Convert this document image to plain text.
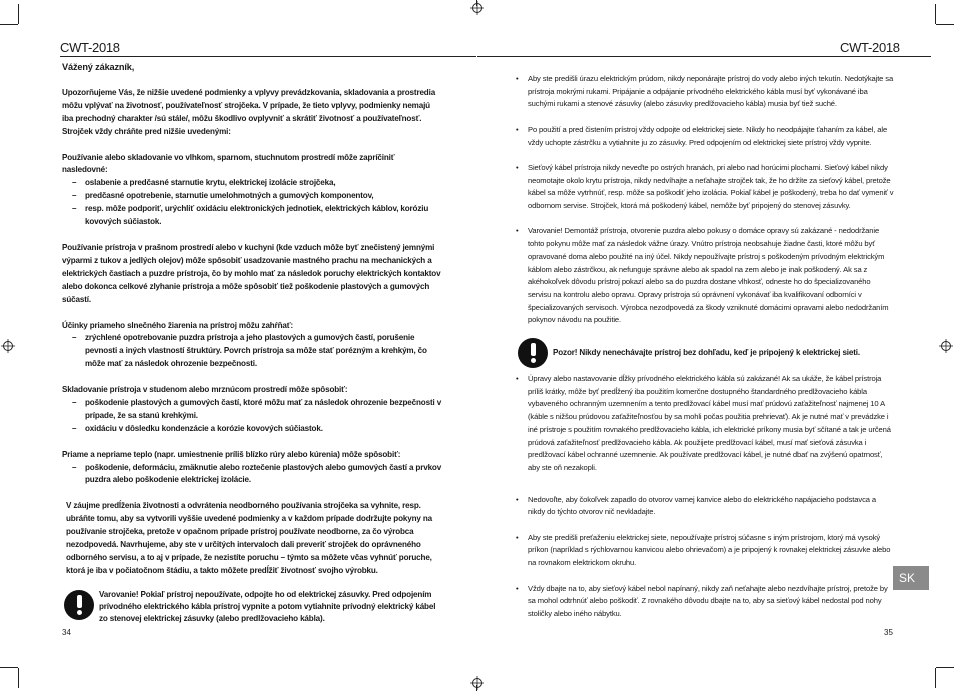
CWT-2018

Vážený zákazník,

Upozorňujeme Vás, že nižšie uvedené podmienky a vplyvy prevádzkovania, skladovania a prostredia môžu vplývať na životnosť, používateľnosť strojčeka. V prípade, že tieto vplyvy, podmienky nemajú iba prechodný charakter /sú stále/, môžu škodlivo ovplyvniť a skrátiť životnosť a používateľnosť. Strojček vždy chráňte pred nižšie uvedenými:

Používanie alebo skladovanie vo vlhkom, sparnom, stuchnutom prostredí môže zapríčiniť nasledovné:
– oslabenie a predčasné starnutie krytu, elektrickej izolácie strojčeka,
– predčasné opotrebenie, starnutie umelohmotných a gumových komponentov,
– resp. môže podporiť, urýchliť oxidáciu elektronických jednotiek, elektrických káblov, koróziu kovových súčiastok.

Používanie prístroja v prašnom prostredí alebo v kuchyni (kde vzduch môže byť znečistený jemnými výparmi z tukov a jedlých olejov) môže spôsobiť usadzovanie mastného prachu na mechanických a elektrických častiach a puzdre prístroja, čo by mohlo mať za následok poruchy elektrických kontaktov alebo dokonca celkové zlyhanie prístroja a môže spôsobiť tiež poškodenie plastových a gumových súčastí.

Účinky priameho slnečného žiarenia na prístroj môžu zahŕňať:
– zrýchlené opotrebovanie puzdra prístroja a jeho plastových a gumových častí, porušenie pevnosti a iných vlastností štruktúry. Povrch prístroja sa môže stať porézným a krehkým, čo môže mať za následok ohrozenie bezpečnosti.
Skladovanie prístroja v studenom alebo mrznúcom prostredí môže spôsobiť:
– poškodenie plastových a gumových častí, ktoré môžu mať za následok ohrozenie bezpečnosti v prípade, že sa stanú krehkými.
– oxidáciu v dôsledku kondenzácie a korózie kovových súčiastok.
Priame a nepriame teplo (napr. umiestnenie príliš blízko rúry alebo kúrenia) môže spôsobiť:
– poškodenie, deformáciu, zmäknutie alebo roztečenie plastových alebo gumových častí a prvkov puzdra alebo poškodenie elektrickej izolácie.

V záujme predĺženia životnosti a odvrátenia neodborného používania strojčeka sa vyhnite, resp. ubráňte tomu, aby sa vytvorili vyššie uvedené podmienky a v každom prípade dodržujte pokyny na používanie strojčeka, pretože v opačnom prípade prístroj používate neodborne, za čo výrobca nezodpovedá. Navrhujeme, aby ste v určitých intervaloch dali preveriť strojček do oprávneného odborného servisu, a to aj v prípade, že nezistíte poruchu – týmto sa môžete včas vyhnúť poruche, ktorá je iba v počiatočnom štádiu, a takto môžete predĺžiť životnosť svojho výrobku.

Varovanie! Pokiaľ prístroj nepoužívate, odpojte ho od elektrickej zásuvky. Pred odpojením prívodného elektrického kábla prístroj vypnite a potom vytiahnite prívodný elektrický kábel zo stenovej elektrickej zásuvky (alebo predlžovacieho kábla).
34
CWT-2018
• Aby ste predišli úrazu elektrickým prúdom, nikdy neponárajte prístroj do vody alebo iných tekutín. Nedotýkajte sa prístroja mokrými rukami. Pripájanie a odpájanie prívodného elektrického kábla musí byť vykonávané iba suchými rukami a stenové zásuvky (alebo zásuvky predlžovacieho kábla) musia byť tiež suché.
• Po použití a pred čistením prístroj vždy odpojte od elektrickej siete. Nikdy ho neodpájajte ťahaním za kábel, ale vždy uchopte zástrčku a vytiahnite ju zo zásuvky. Pred odpojením od elektrickej siete prístroj vždy vypnite.
• Sieťový kábel prístroja nikdy neveďte po ostrých hranách, pri alebo nad horúcimi plochami. Sieťový kábel nikdy neomotajte okolo krytu prístroja, nikdy nedvíhajte a neťahajte strojček tak, že ho držíte za sieťový kábel, pretože kábel sa môže vytrhnúť, resp. môže sa poškodiť jeho izolácia. Pokiaľ kábel je poškodený, treba ho dať vymeniť v odbornom servise. Strojček, ktorá má poškodený kábel, nemôže byť pripojený do stenovej zásuvky.
• Varovanie! Demontáž prístroja, otvorenie puzdra alebo pokusy o domáce opravy sú zakázané - nedodržanie tohto pokynu môže mať za následok vážne úrazy. Vnútro prístroja neobsahuje žiadne časti, ktoré môžu byť opravované doma alebo použité na iný účel. Nikdy nepoužívajte prístroj s poškodeným prívodným elektrickým káblom alebo zástrčkou, ak nefunguje správne alebo ak spadol na zem alebo je inak poškodený. Ak sa z akéhokoľvek dôvodu prístroj pokazí alebo sa do puzdra dostane vlhkosť, odneste ho do špecializovaného servisu na kontrolu alebo opravu. Opravy prístroja sú oprávnení vykonávať iba kvalifikovaní odborníci v špecializovaných servisoch. Výrobca nezodpovedá za škody vzniknuté domácimi opravami alebo nedodržaním pokynov návodu na použitie.
Pozor! Nikdy nenechávajte prístroj bez dohľadu, keď je pripojený k elektrickej sieti.
• Úpravy alebo nastavovanie dĺžky prívodného elektrického kábla sú zakázané! Ak sa ukáže, že kábel prístroja príliš krátky, môže byť predĺžený iba použitím komerčne dostupného štandardného predlžovacieho kábla vybaveného ochranným uzemnením a tento predlžovací kábel musí mať prúdovú zaťažiteľnosť najmenej 10 A (káble s nižšou prúdovou zaťažiteľnosťou by sa mohli počas použitia prehrievať). Ak je nutné mať v prevádzke i iné prístroje s použitím rovnakého predlžovacieho kábla, ich elektrické príkony musia byť sčítané a tak je určená prúdová zaťažiteľnosť predlžovacieho kábla. Ak použijete predlžovací kábel, musí mať sieťová zásuvka i predlžovací kábel ochranné uzemnenie. Ak používate predlžovací kábel, je nutné dbať na zvýšenú opatrnosť, aby ste oň nezakopli.
• Nedovoľte, aby čokoľvek zapadlo do otvorov varnej kanvice alebo do elektrického napájacieho podstavca a nikdy do týchto otvorov nič nevkladajte.
• Aby ste predišli preťaženiu elektrickej siete, nepoužívajte prístroj súčasne s iným prístrojom, ktorý má vysoký príkon (napríklad s rýchlovarnou kanvicou alebo ohrievačom) a je pripojený k rovnakej elektrickej zásuvke alebo na rovnakom elektrickom okruhu.
• Vždy dbajte na to, aby sieťový kábel nebol napínaný, nikdy zaň neťahajte alebo nezdvíhajte prístroj, pretože by sa mohol odtrhnúť alebo poškodiť. Z rovnakého dôvodu dbajte na to, aby sa sieťový kábel nedostal pod nohy stoličky alebo iného nábytku.
SK
35
